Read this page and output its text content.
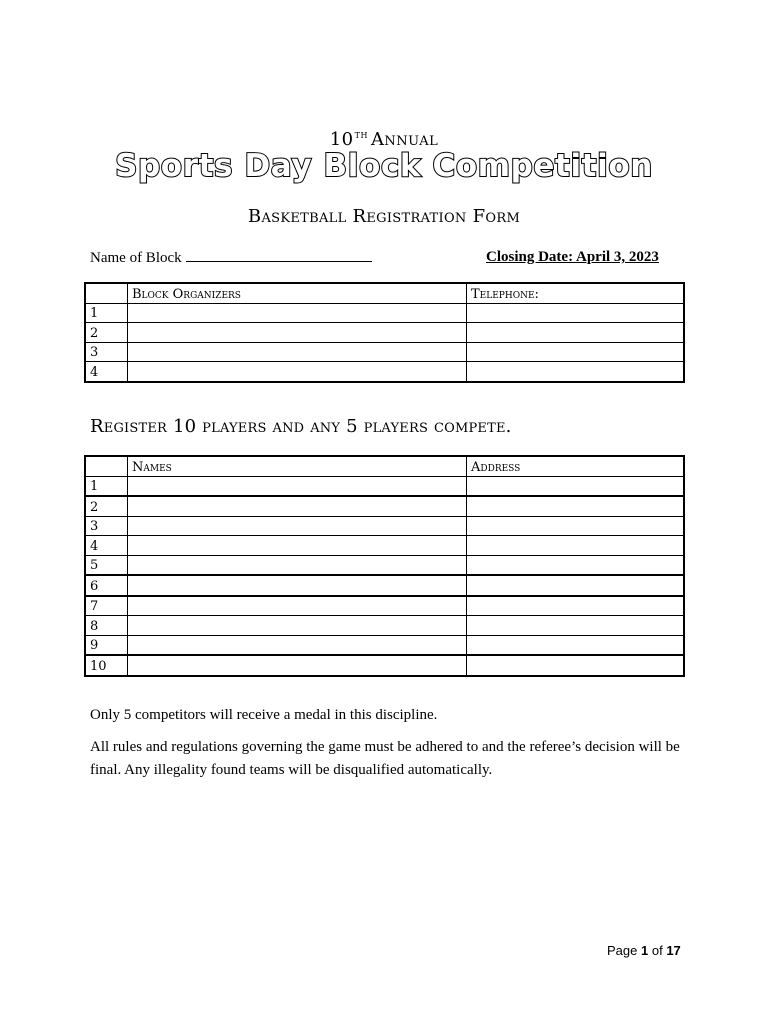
10th Annual
Sports Day Block Competition
Basketball Registration Form
Name of Block	Closing Date: April 3, 2023
	Block Organizers	Telephone:
1		
2		
3		
4		
Register 10 players and any 5 players compete.
	Names	Address
1		
2		
3		
4		
5		
6		
7		
8		
9		
10		
Only 5 competitors will receive a medal in this discipline.
All rules and regulations governing the game must be adhered to and the referee’s decision will be final. Any illegality found teams will be disqualified automatically.
Page 1 of 17
